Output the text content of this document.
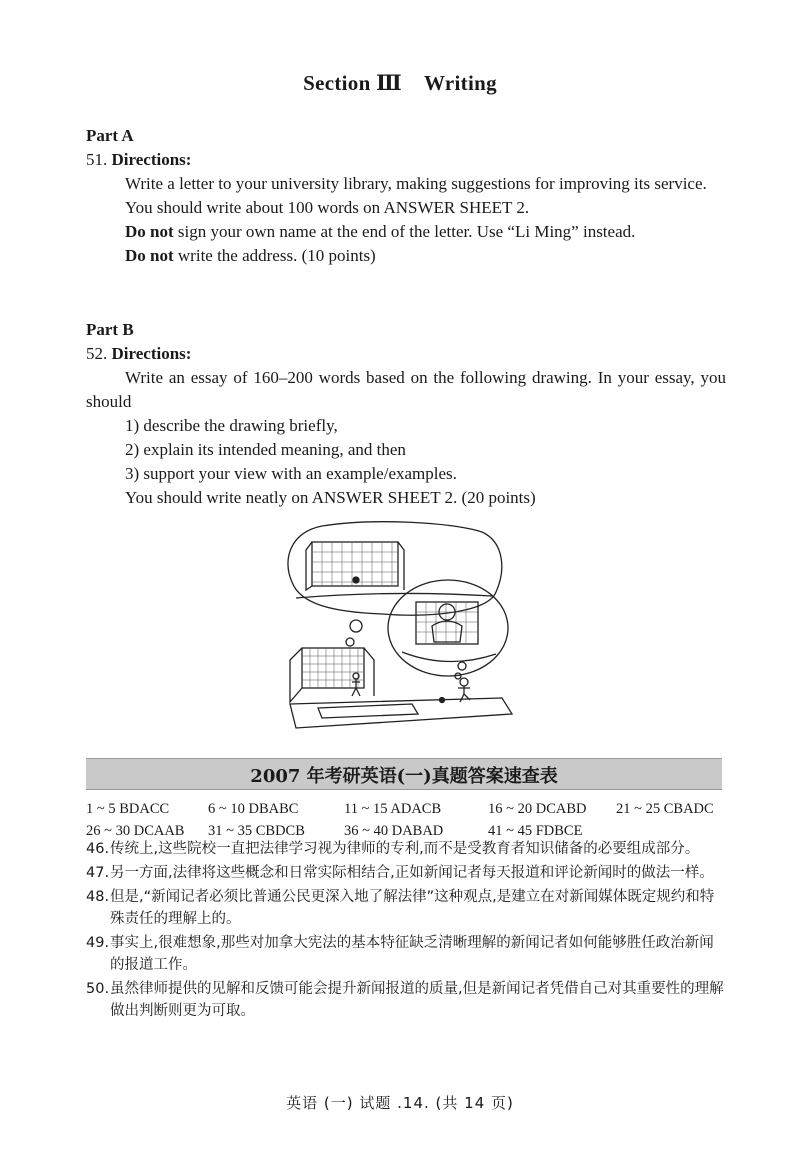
Section Ⅲ Writing
Part A
51. Directions:
Write a letter to your university library, making suggestions for improving its service.
You should write about 100 words on ANSWER SHEET 2.
Do not sign your own name at the end of the letter. Use “Li Ming” instead.
Do not write the address. (10 points)
Part B
52. Directions:
Write an essay of 160–200 words based on the following drawing. In your essay, you should
1) describe the drawing briefly,
2) explain its intended meaning, and then
3) support your view with an example/examples.
You should write neatly on ANSWER SHEET 2. (20 points)
2007 年考研英语(一)真题答案速查表
1 ~ 5 BDACC	6 ~ 10 DBABC	11 ~ 15 ADACB	16 ~ 20 DCABD 21 ~ 25 CBADC
26 ~ 30 DCAAB 31 ~ 35 CBDCB	36 ~ 40 DABAD	41 ~ 45 FDBCE
46. 传统上,这些院校一直把法律学习视为律师的专利,而不是受教育者知识储备的必要组成部分。
47. 另一方面,法律将这些概念和日常实际相结合,正如新闻记者每天报道和评论新闻时的做法一样。
48. 但是,“新闻记者必须比普通公民更深入地了解法律”这种观点,是建立在对新闻媒体既定规约和特殊责任的理解上的。
49. 事实上,很难想象,那些对加拿大宪法的基本特征缺乏清晰理解的新闻记者如何能够胜任政治新闻的报道工作。
50. 虽然律师提供的见解和反馈可能会提升新闻报道的质量,但是新闻记者凭借自己对其重要性的理解做出判断则更为可取。
英语 (一) 试题 .14. (共 14 页)
